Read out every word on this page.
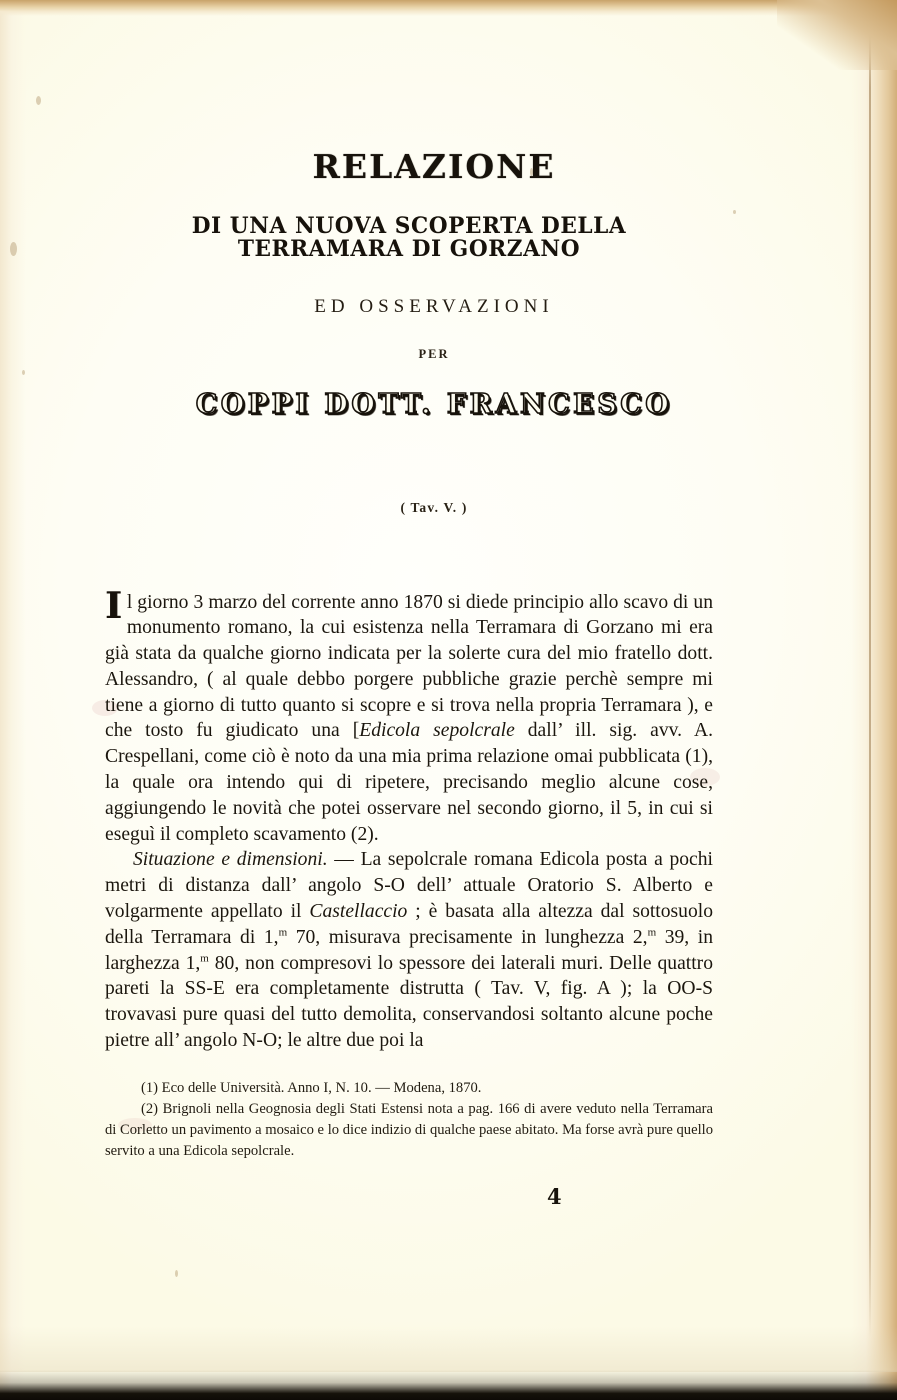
RELAZIONE
DI UNA NUOVA SCOPERTA DELLA TERRAMARA DI GORZANO
ED OSSERVAZIONI
PER
COPPI DOTT. FRANCESCO
( Tav. V. )

Il giorno 3 marzo del corrente anno 1870 si diede principio allo scavo di un monumento romano, la cui esistenza nella Terramara di Gorzano mi era già stata da qualche giorno indicata per la solerte cura del mio fratello dott. Alessandro, ( al quale debbo porgere pubbliche grazie perchè sempre mi tiene a giorno di tutto quanto si scopre e si trova nella propria Terramara ), e che tosto fu giudicato una [Edicola sepolcrale dall’ ill. sig. avv. A. Crespellani, come ciò è noto da una mia prima relazione omai pubblicata (1), la quale ora intendo qui di ripetere, precisando meglio alcune cose, aggiungendo le novità che potei osservare nel secondo giorno, il 5, in cui si eseguì il completo scavamento (2).

Situazione e dimensioni. — La sepolcrale romana Edicola posta a pochi metri di distanza dall’ angolo S-O dell’ attuale Oratorio S. Alberto e volgarmente appellato il Castellaccio ; è basata alla altezza dal sottosuolo della Terramara di 1,$^m$ 70, misurava precisamente in lunghezza 2,$^m$ 39, in larghezza 1,$^m$ 80, non compresovi lo spessore dei laterali muri. Delle quattro pareti la SS-E era completamente distrutta ( Tav. V, fig. A ); la OO-S trovavasi pure quasi del tutto demolita, conservandosi soltanto alcune poche pietre all’ angolo N-O; le altre due poi la

(1) Eco delle Università. Anno I, N. 10. — Modena, 1870.

(2) Brignoli nella Geognosia degli Stati Estensi nota a pag. 166 di avere veduto nella Terramara di Corletto un pavimento a mosaico e lo dice indizio di qualche paese abitato. Ma forse avrà pure quello servito a una Edicola sepolcrale.

4
